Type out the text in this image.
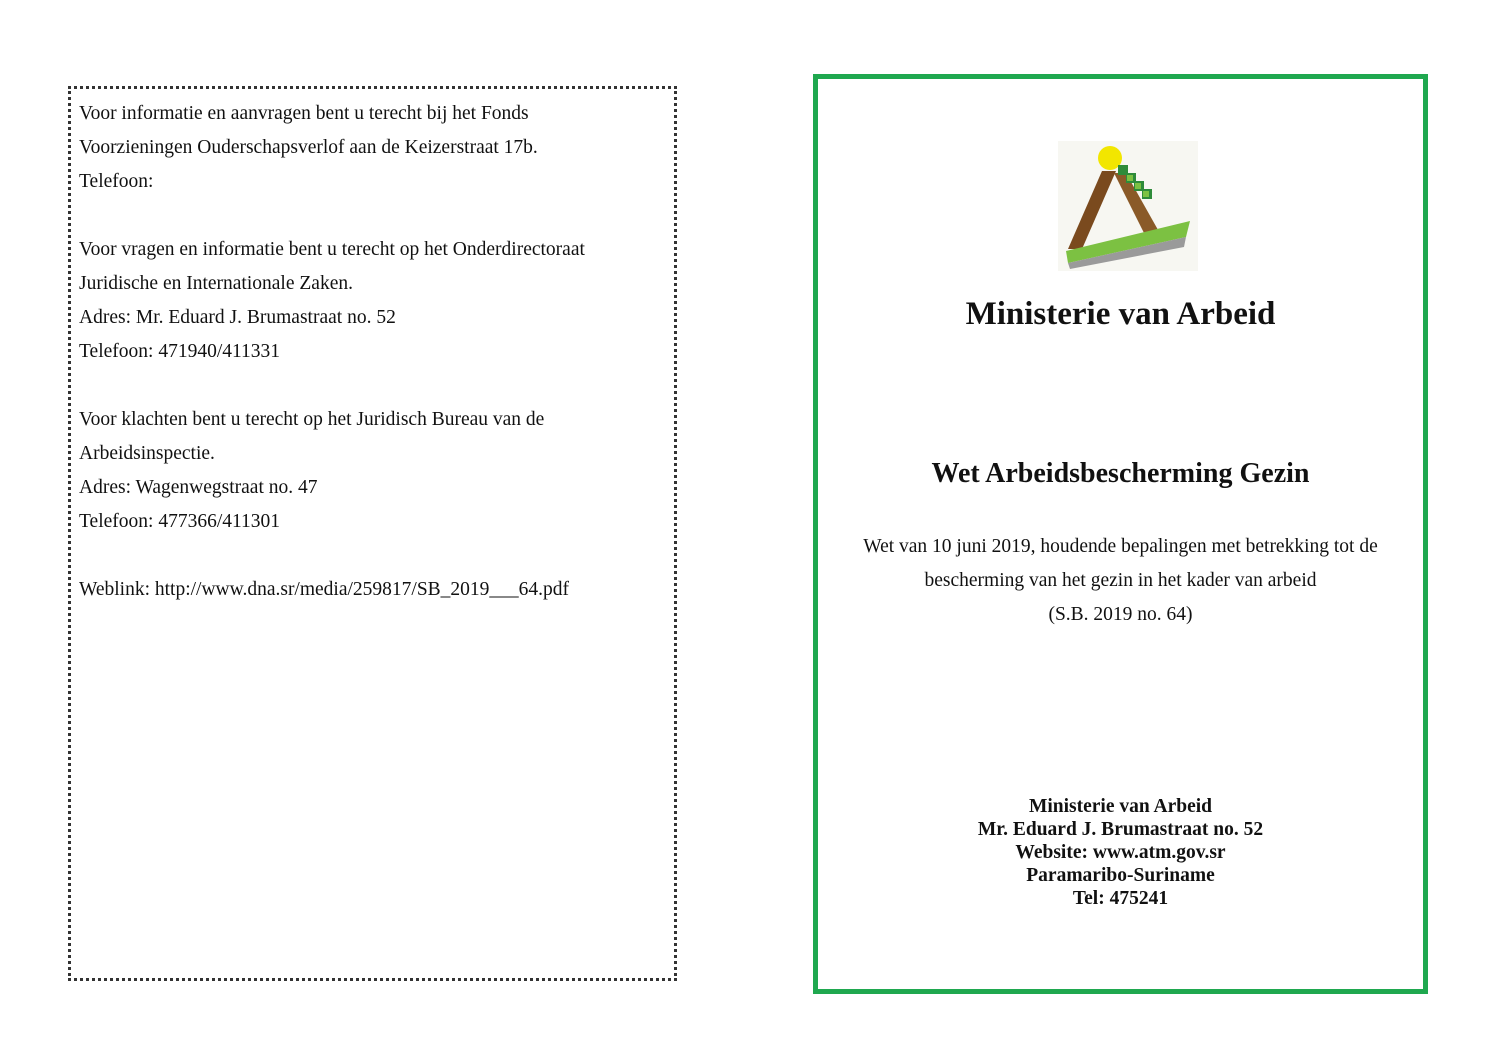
Voor informatie en aanvragen bent u terecht bij het Fonds
Voorzieningen Ouderschapsverlof aan de Keizerstraat 17b.
Telefoon:
Voor vragen en informatie bent u terecht op het Onderdirectoraat
Juridische en Internationale Zaken.
Adres: Mr. Eduard J. Brumastraat no. 52
Telefoon: 471940/411331
Voor klachten bent u terecht op het Juridisch Bureau van de
Arbeidsinspectie.
Adres: Wagenwegstraat no. 47
Telefoon: 477366/411301
Weblink: http://www.dna.sr/media/259817/SB_2019___64.pdf
Ministerie van Arbeid
Wet Arbeidsbescherming Gezin
Wet van 10 juni 2019, houdende bepalingen met betrekking tot de
bescherming van het gezin in het kader van arbeid
(S.B. 2019 no. 64)
Ministerie van Arbeid
Mr. Eduard J. Brumastraat no. 52
Website: www.atm.gov.sr
Paramaribo-Suriname
Tel: 475241
